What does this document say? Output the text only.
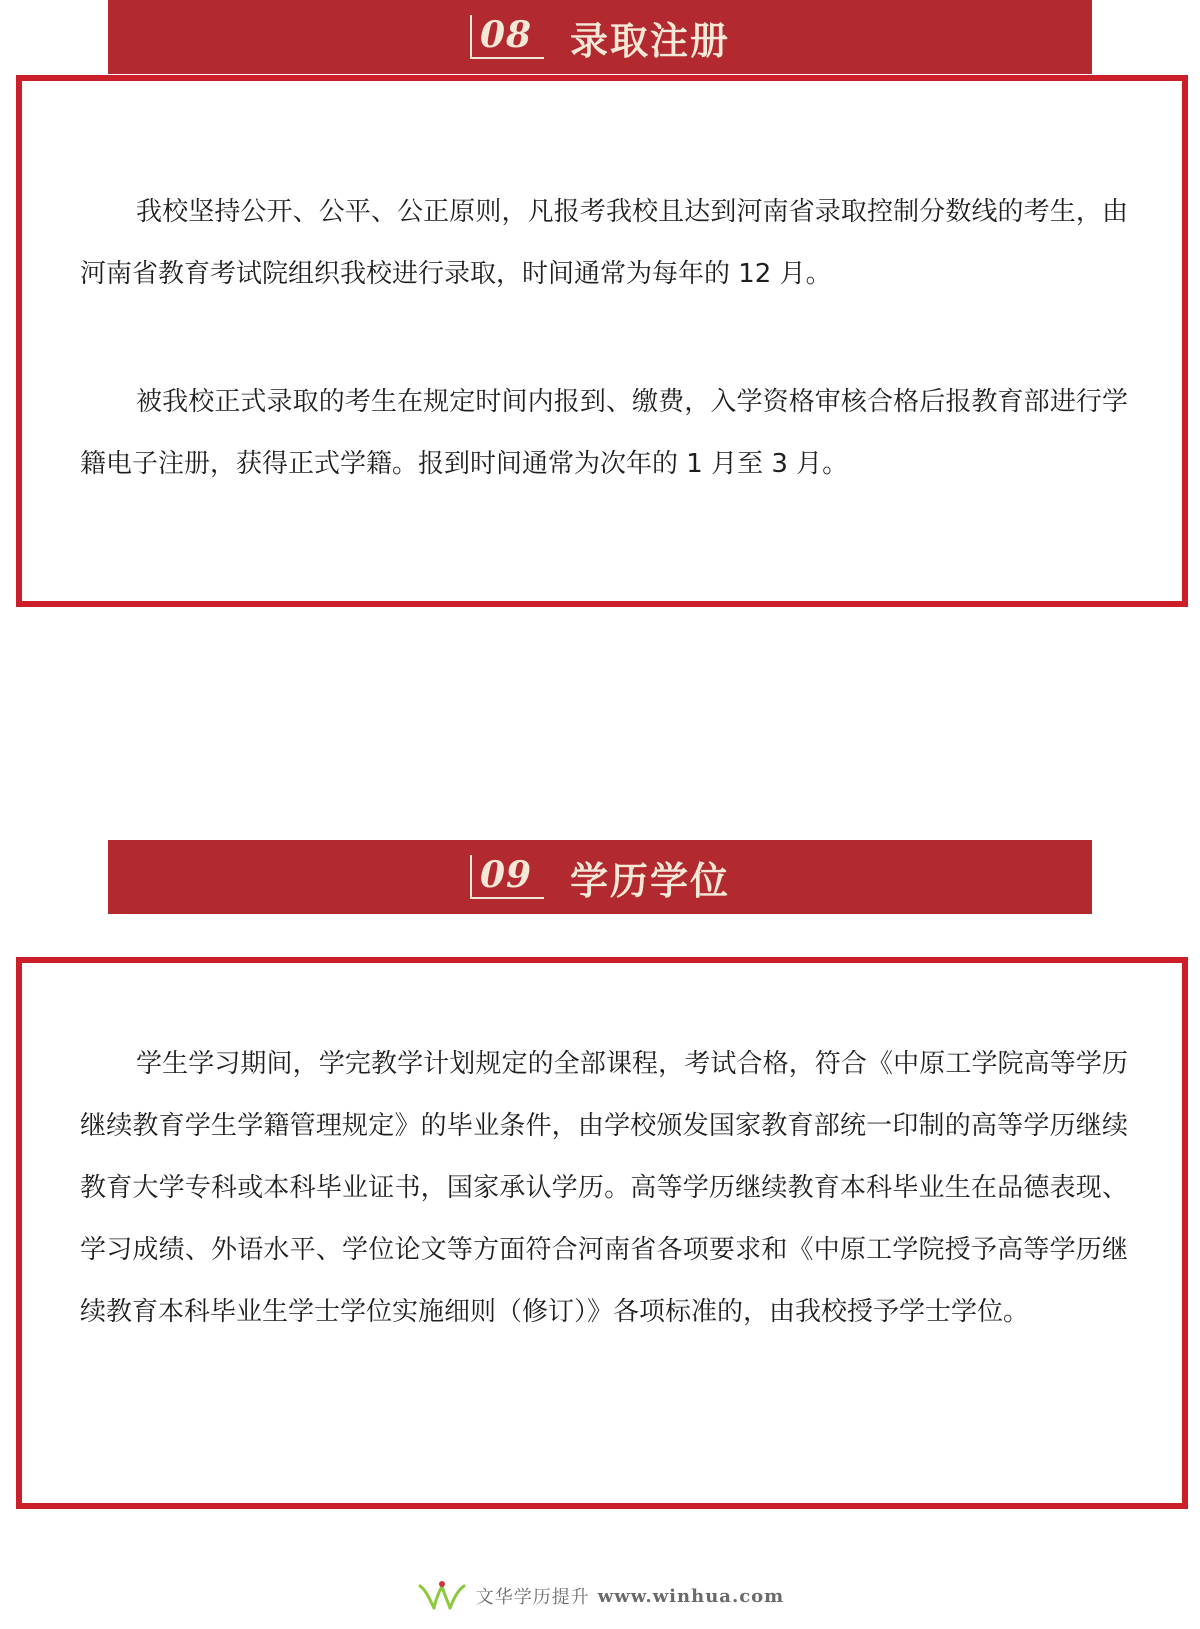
08	录取注册

我校坚持公开、公平、公正原则，凡报考我校且达到河南省录取控制分数线的考生，由河南省教育考试院组织我校进行录取，时间通常为每年的 12 月。

被我校正式录取的考生在规定时间内报到、缴费，入学资格审核合格后报教育部进行学籍电子注册，获得正式学籍。报到时间通常为次年的 1 月至 3 月。

09	学历学位

学生学习期间，学完教学计划规定的全部课程，考试合格，符合《中原工学院高等学历继续教育学生学籍管理规定》的毕业条件，由学校颁发国家教育部统一印制的高等学历继续教育大学专科或本科毕业证书，国家承认学历。高等学历继续教育本科毕业生在品德表现、学习成绩、外语水平、学位论文等方面符合河南省各项要求和《中原工学院授予高等学历继续教育本科毕业生学士学位实施细则（修订）》各项标准的，由我校授予学士学位。

文华学历提升 www.winhua.com
